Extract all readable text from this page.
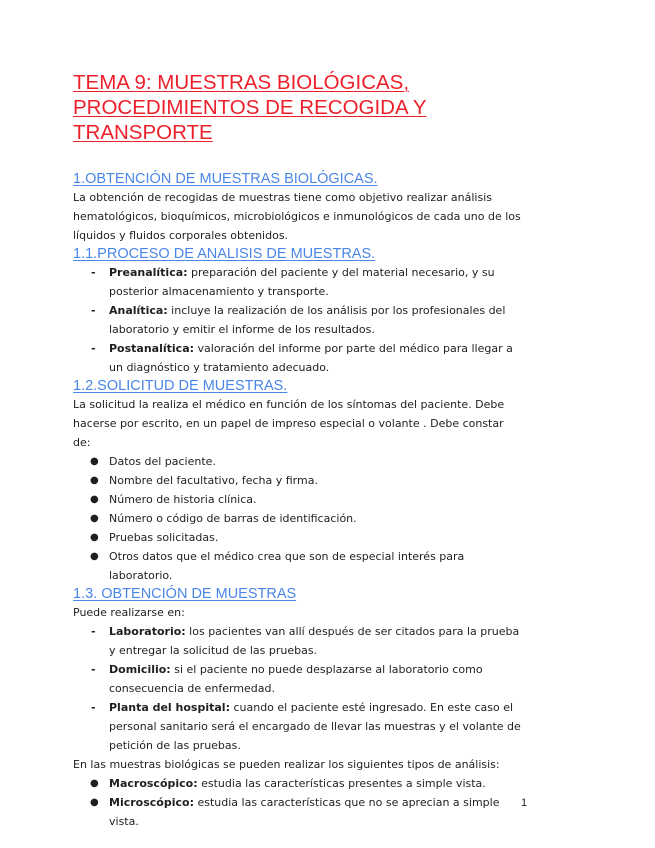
TEMA 9: MUESTRAS BIOLÓGICAS, PROCEDIMIENTOS DE RECOGIDA Y TRANSPORTE
1.OBTENCIÓN DE MUESTRAS BIOLÓGICAS.

La obtención de recogidas de muestras tiene como objetivo realizar análisis hematológicos, bioquímicos, microbiológicos e inmunológicos de cada uno de los líquidos y fluidos corporales obtenidos.

1.1.PROCESO DE ANALISIS DE MUESTRAS.
- Preanalítica: preparación del paciente y del material necesario, y su posterior almacenamiento y transporte.
- Analítica: incluye la realización de los análisis por los profesionales del laboratorio y emitir el informe de los resultados.
- Postanalítica: valoración del informe por parte del médico para llegar a un diagnóstico y tratamiento adecuado.
1.2.SOLICITUD DE MUESTRAS.

La solicitud la realiza el médico en función de los síntomas del paciente. Debe hacerse por escrito, en un papel de impreso especial o volante . Debe constar de:

● Datos del paciente.
● Nombre del facultativo, fecha y firma.
● Número de historia clínica.
● Número o código de barras de identificación.
● Pruebas solicitadas.
● Otros datos que el médico crea que son de especial interés para laboratorio.
1.3. OBTENCIÓN DE MUESTRAS

Puede realizarse en:

- Laboratorio: los pacientes van allí después de ser citados para la prueba y entregar la solicitud de las pruebas.
- Domicilio: si el paciente no puede desplazarse al laboratorio como consecuencia de enfermedad.
- Planta del hospital: cuando el paciente esté ingresado. En este caso el personal sanitario será el encargado de llevar las muestras y el volante de petición de las pruebas.

En las muestras biológicas se pueden realizar los siguientes tipos de análisis:

● Macroscópico: estudia las características presentes a simple vista.
● Microscópico: estudia las características que no se aprecian a simple vista.
1
